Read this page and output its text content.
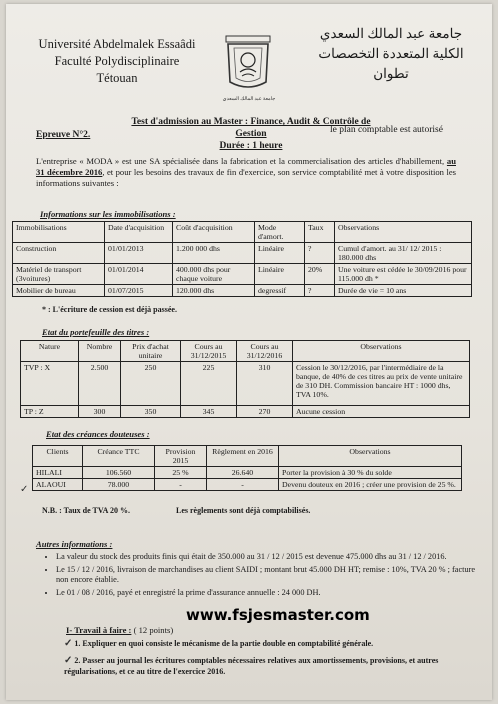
Université Abdelmalek Essaâdi
Faculté Polydisciplinaire
Tétouan
جامعة عبد المالك السعدي
جامعة عبد المالك السعدي
الكلية المتعددة التخصصات
تطوان
Test d'admission au Master : Finance, Audit & Contrôle de Gestion
Durée : 1 heure
Epreuve N°2.	le plan comptable est autorisé
L'entreprise « MODA » est une SA spécialisée dans la fabrication et la commercialisation des articles d'habillement, au 31 décembre 2016, et pour les besoins des travaux de fin d'exercice, son service comptabilité met à votre disposition les informations suivantes :
Informations sur les immobilisations :
Immobilisations	Date d'acquisition	Coût d'acquisition	Mode d'amort.	Taux	Observations
Construction	01/01/2013	1.200 000 dhs	Linéaire	?	Cumul d'amort. au 31/ 12/ 2015 : 180.000 dhs
Matériel de transport (3voitures)	01/01/2014	400.000 dhs pour chaque voiture	Linéaire	20%	Une voiture est cédée le 30/09/2016 pour 115.000 dh *
Mobilier de bureau	01/07/2015	120.000 dhs	degressif	?	Durée de vie = 10 ans
* : L'écriture de cession est déjà passée.
Etat du portefeuille des titres :
Nature	Nombre	Prix d'achat unitaire	Cours au 31/12/2015	Cours au 31/12/2016	Observations
TVP : X	2.500	250	225	310	Cession le 30/12/2016, par l'intermédiaire de la banque, de 40% de ces titres au prix de vente unitaire de 310 DH. Commission bancaire HT : 1000 dhs, TVA 10%.
TP : Z	300	350	345	270	Aucune cession
Etat des créances douteuses :
✓
Clients	Créance TTC	Provision 2015	Règlement en 2016	Observations
HILALI	106.560	25 %	26.640	Porter la provision à 30 % du solde
ALAOUI	78.000	-	-	Devenu douteux en 2016 ; créer une provision de 25 %.
N.B. : Taux de TVA 20 %.	Les règlements sont déjà comptabilisés.
Autres informations :
• La valeur du stock des produits finis qui était de 350.000 au 31 / 12 / 2015 est devenue 475.000 dhs au 31 / 12 / 2016.
• Le 15 / 12 / 2016, livraison de marchandises au client SAIDI ; montant brut 45.000 DH HT; remise : 10%, TVA 20 % ; facture non encore établie.
• Le 01 / 08 / 2016, payé et enregistré la prime d'assurance annuelle : 24 000 DH.
www.fsjesmaster.com
I- Travail à faire : ( 12 points)
✓ 1. Expliquer en quoi consiste le mécanisme de la partie double en comptabilité générale.
✓ 2. Passer au journal les écritures comptables nécessaires relatives aux amortissements, provisions, et autres régularisations, et ce au titre de l'exercice 2016.
